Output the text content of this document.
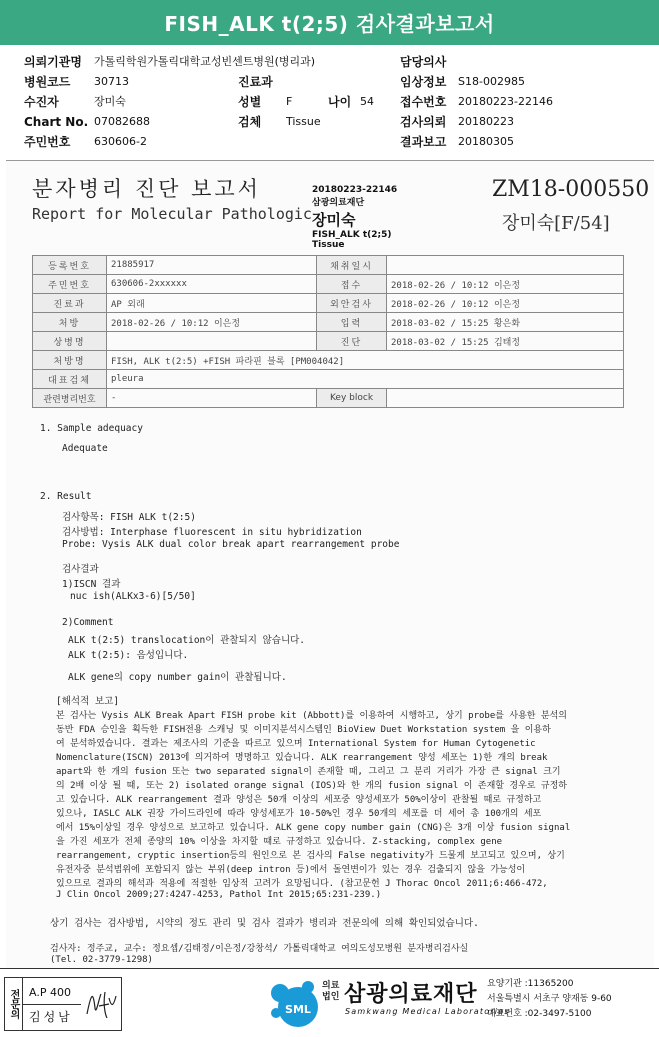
FISH_ALK t(2;5) 검사결과보고서
의뢰기관명 가톨릭학원가톨릭대학교성빈센트병원(병리과)	담당의사
병원코드 30713	진료과	임상정보 S18-002985
수진자	장미숙	성별 F	나이 54 접수번호 20180223-22146
Chart No. 07082688	검체 Tissue	검사의뢰 20180223
주민번호 630606-2	결과보고 20180305
분자병리 진단 보고서
Report for Molecular Pathologic
20180223-22146
삼광의료재단
장미숙
FISH_ALK t(2;5)
Tissue
ZM18-000550
장미숙[F/54]
등록번호	21885917	채취일시	
주민번호	630606-2xxxxxx	접수	2018-02-26 / 10:12 이은정
진료과	AP 외래	외안검사	2018-02-26 / 10:12 이은정
처방	2018-02-26 / 10:12 이은정	입력	2018-03-02 / 15:25 황은화
상병명		진단	2018-03-02 / 15:25 김태정
처방명	FISH, ALK t(2:5) +FISH 파라핀 블록 [PM004042]		
대표검체	pleura		
관련병리번호	-	Key block	
1. Sample adequacy
Adequate
2. Result
검사항목: FISH ALK t(2:5)
검사방법: Interphase fluorescent in situ hybridization
Probe: Vysis ALK dual color break apart rearrangement probe
검사결과
1)ISCN 결과
nuc ish(ALKx3-6)[5/50]
2)Comment
ALK t(2:5) translocation이 관찰되지 않습니다.
ALK t(2:5): 음성입니다.
ALK gene의 copy number gain이 관찰됩니다.
[해석적 보고]
본 검사는 Vysis ALK Break Apart FISH probe kit (Abbott)를 이용하여 시행하고, 상기 probe를 사용한 분석의
동반 FDA 승인을 획득한 FISH전용 스캐닝 및 이미지분석시스템인 BioView Duet Workstation system 을 이용하
여 분석하였습니다. 결과는 제조사의 기준을 따르고 있으며 International System for Human Cytogenetic
Nomenclature(ISCN) 2013에 의거하여 명명하고 있습니다. ALK rearrangement 양성 세포는 1)한 개의 break
apart와 한 개의 fusion 또는 two separated signal이 존재할 때, 그리고 그 분리 거리가 가장 큰 signal 크기
의 2배 이상 될 때, 또는 2) isolated orange signal (IOS)와 한 개의 fusion signal 이 존재할 경우로 규정하
고 있습니다. ALK rearrangement 결과 양성은 50개 이상의 세포중 양성세포가 50%이상이 관찰될 때로 규정하고
있으나, IASLC ALK 권장 가이드라인에 따라 양성세포가 10-50%인 경우 50개의 세포를 더 세어 총 100개의 세포
에서 15%이상일 경우 양성으로 보고하고 있습니다. ALK gene copy number gain (CNG)은 3개 이상 fusion signal
을 가진 세포가 전체 종양의 10% 이상을 차지할 때로 규정하고 있습니다. Z-stacking, complex gene
rearrangement, cryptic insertion등의 원인으로 본 검사의 False negativity가 드물게 보고되고 있으며, 상기
유전자중 분석범위에 포함되지 않는 부위(deep intron 등)에서 돌연변이가 있는 경우 검출되지 않을 가능성이
있으므로 결과의 해석과 적용에 적절한 임상적 고려가 요망됩니다. (참고문헌 J Thorac Oncol 2011;6:466-472,
J Clin Oncol 2009;27:4247-4253, Pathol Int 2015;65:231-239.)
상기 검사는 검사방법, 시약의 정도 관리 및 검사 결과가 병리과 전문의에 의해 확인되었습니다.
검사자: 정주교, 교수: 정요셉/김태정/이은정/강창석/ 가톨릭대학교 여의도성모병원 분자병리검사실
(Tel. 02-3779-1298)
전문의 A.P 400
김성남
SML
의료
법인 삼광의료재단
Samkwang Medical Laboratories
요양기관 :11365200
서울특별시 서초구 양재동 9-60
대표번호 :02-3497-5100
